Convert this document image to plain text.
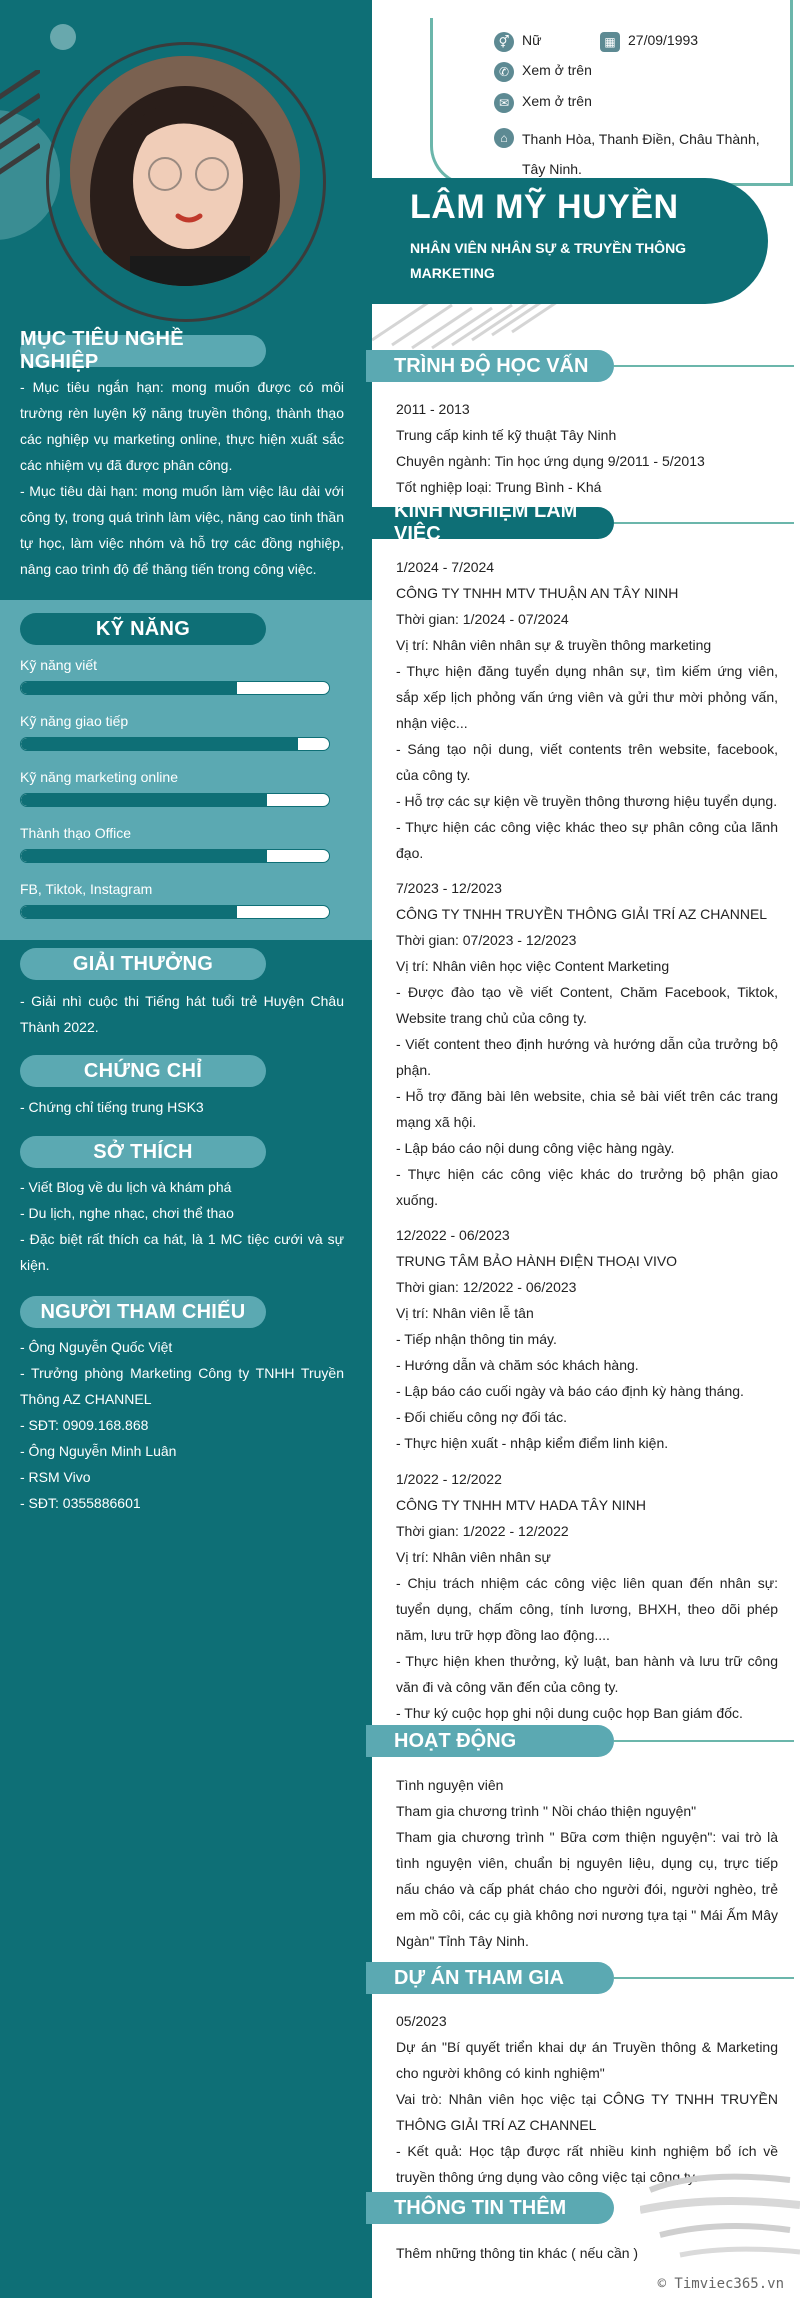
MỤC TIÊU NGHỀ NGHIỆP
- Mục tiêu ngắn hạn: mong muốn được có môi trường rèn luyện kỹ năng truyền thông, thành thạo các nghiệp vụ marketing online, thực hiện xuất sắc các nhiệm vụ đã được phân công.
- Mục tiêu dài hạn: mong muốn làm việc lâu dài với công ty, trong quá trình làm việc, năng cao tinh thần tự học, làm việc nhóm và hỗ trợ các đồng nghiệp, nâng cao trình độ để thăng tiến trong công việc.
KỸ NĂNG
Kỹ năng viết
Kỹ năng giao tiếp
Kỹ năng marketing online
Thành thạo Office
FB, Tiktok, Instagram
GIẢI THƯỞNG
- Giải nhì cuộc thi Tiếng hát tuổi trẻ Huyện Châu Thành 2022.
CHỨNG CHỈ
- Chứng chỉ tiếng trung HSK3
SỞ THÍCH
- Viết Blog về du lịch và khám phá
- Du lịch, nghe nhạc, chơi thể thao
- Đặc biệt rất thích ca hát, là 1 MC tiệc cưới và sự kiện.
NGƯỜI THAM CHIẾU
- Ông Nguyễn Quốc Việt
- Trưởng phòng Marketing Công ty TNHH Truyền Thông AZ CHANNEL
- SĐT: 0909.168.868
- Ông Nguyễn Minh Luân
- RSM Vivo
- SĐT: 0355886601
⚥ Nữ	▦ 27/09/1993
✆ Xem ở trên
✉ Xem ở trên
⌂	Thanh Hòa, Thanh Điền, Châu Thành,
Tây Ninh.
LÂM MỸ HUYỀN
NHÂN VIÊN NHÂN SỰ & TRUYỀN THÔNG MARKETING
TRÌNH ĐỘ HỌC VẤN
2011 - 2013
Trung cấp kinh tế kỹ thuật Tây Ninh
Chuyên ngành: Tin học ứng dụng 9/2011 - 5/2013
Tốt nghiệp loại: Trung Bình - Khá
KINH NGHIỆM LÀM VIỆC
1/2024 - 7/2024
CÔNG TY TNHH MTV THUẬN AN TÂY NINH
Thời gian: 1/2024 - 07/2024
Vị trí: Nhân viên nhân sự & truyền thông marketing
- Thực hiện đăng tuyển dụng nhân sự, tìm kiếm ứng viên, sắp xếp lịch phỏng vấn ứng viên và gửi thư mời phỏng vấn, nhận việc...
- Sáng tạo nội dung, viết contents trên website, facebook, của công ty.
- Hỗ trợ các sự kiện về truyền thông thương hiệu tuyển dụng.
- Thực hiện các công việc khác theo sự phân công của lãnh đạo.
7/2023 - 12/2023
CÔNG TY TNHH TRUYỀN THÔNG GIẢI TRÍ AZ CHANNEL
Thời gian: 07/2023 - 12/2023
Vị trí: Nhân viên học việc Content Marketing
- Được đào tạo về viết Content, Chăm Facebook, Tiktok, Website trang chủ của công ty.
- Viết content theo định hướng và hướng dẫn của trưởng bộ phận.
- Hỗ trợ đăng bài lên website, chia sẻ bài viết trên các trang mạng xã hội.
- Lập báo cáo nội dung công việc hàng ngày.
- Thực hiện các công việc khác do trưởng bộ phận giao xuống.
12/2022 - 06/2023
TRUNG TÂM BẢO HÀNH ĐIỆN THOẠI VIVO
Thời gian: 12/2022 - 06/2023
Vị trí: Nhân viên lễ tân
- Tiếp nhận thông tin máy.
- Hướng dẫn và chăm sóc khách hàng.
- Lập báo cáo cuối ngày và báo cáo định kỳ hàng tháng.
- Đối chiếu công nợ đối tác.
- Thực hiện xuất - nhập kiểm điểm linh kiện.
1/2022 - 12/2022
CÔNG TY TNHH MTV HADA TÂY NINH
Thời gian: 1/2022 - 12/2022
Vị trí: Nhân viên nhân sự
- Chịu trách nhiệm các công việc liên quan đến nhân sự: tuyển dụng, chấm công, tính lương, BHXH, theo dõi phép năm, lưu trữ hợp đồng lao động....
- Thực hiện khen thưởng, kỷ luật, ban hành và lưu trữ công văn đi và công văn đến của công ty.
- Thư ký cuộc họp ghi nội dung cuộc họp Ban giám đốc.
HOẠT ĐỘNG
Tình nguyện viên
Tham gia chương trình " Nồi cháo thiện nguyện"
Tham gia chương trình " Bữa cơm thiện nguyện": vai trò là tình nguyện viên, chuẩn bị nguyên liệu, dụng cụ, trực tiếp nấu cháo và cấp phát cháo cho người đói, người nghèo, trẻ em mồ côi, các cụ già không nơi nương tựa tại " Mái Ấm Mây Ngàn" Tỉnh Tây Ninh.
DỰ ÁN THAM GIA
05/2023
Dự án "Bí quyết triển khai dự án Truyền thông & Marketing cho người không có kinh nghiệm"
Vai trò: Nhân viên học việc tại CÔNG TY TNHH TRUYỀN THÔNG GIẢI TRÍ AZ CHANNEL
- Kết quả: Học tập được rất nhiều kinh nghiệm bổ ích về truyền thông ứng dụng vào công việc tại công ty.
THÔNG TIN THÊM
Thêm những thông tin khác ( nếu cần )
© Timviec365.vn
